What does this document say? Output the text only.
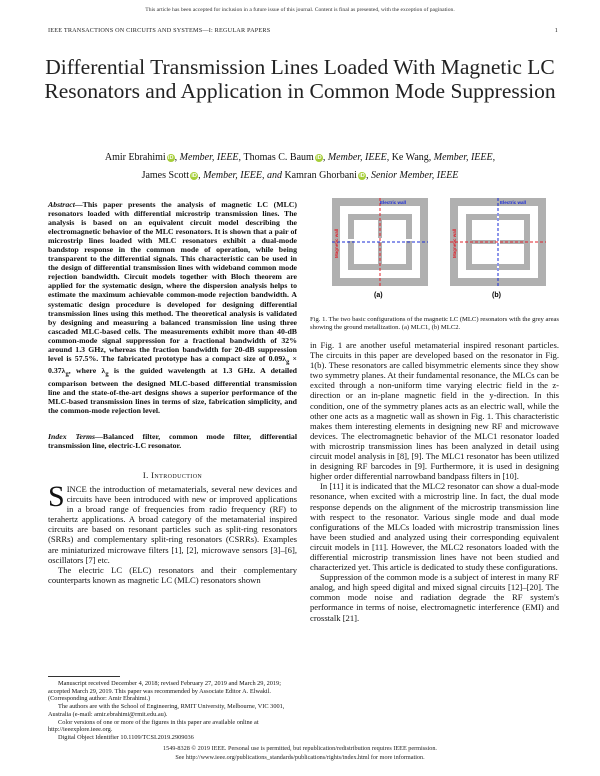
This article has been accepted for inclusion in a future issue of this journal. Content is final as presented, with the exception of pagination.
IEEE TRANSACTIONS ON CIRCUITS AND SYSTEMS—I: REGULAR PAPERS	1
Differential Transmission Lines Loaded With Magnetic LC Resonators and Application in Common Mode Suppression
Amir Ebrahimi iD, Member, IEEE, Thomas C. Baum iD, Member, IEEE, Ke Wang, Member, IEEE,
James Scott iD, Member, IEEE, and Kamran Ghorbani iD, Senior Member, IEEE
Abstract—This paper presents the analysis of magnetic LC (MLC) resonators loaded with differential microstrip transmission lines. The analysis is based on an equivalent circuit model describing the electromagnetic behavior of the MLC resonators. It is shown that a pair of microstrip lines loaded with MLC resonators exhibit a dual-mode bandstop response in the common mode of operation, while being transparent to the differential signals. This characteristic can be used in the design of differential transmission lines with wideband common mode rejection bandwidth. Circuit models together with Bloch theorem are applied for the systematic design, where the dispersion analysis helps to estimate the maximum achievable common-mode rejection bandwidth. A systematic design procedure is developed for designing differential transmission lines using this method. The theoretical analysis is validated by designing and measuring a balanced transmission line using three cascaded MLC-based cells. The measurements exhibit more than 40-dB common-mode signal suppression for a fractional bandwidth of 32% around 1.3 GHz, whereas the fraction bandwidth for 20-dB suppression level is 57.5%. The fabricated prototype has a compact size of $0.09\lambda_g \times 0.37\lambda_g$, where $\lambda_g$ is the guided wavelength at 1.3 GHz. A detailed comparison between the designed MLC-based differential transmission line and the state-of-the-art designs shows a superior performance of the MLC-based transmission lines in terms of size, fabrication simplicity, and the common-mode rejection level.
Index Terms—Balanced filter, common mode filter, differential transmission line, electric-LC resonator.
I. Introduction

SINCE the introduction of metamaterials, several new devices and circuits have been introduced with new or improved applications in a broad range of frequencies from radio frequency (RF) to terahertz applications. A broad category of the metamaterial inspired circuits are based on resonant particles such as split-ring resonators (SRRs) and complementary split-ring resonators (CSRRs). Examples are miniaturized microwave filters [1], [2], microwave sensors [3]–[6], oscillators [7] etc.

The electric LC (ELC) resonators and their complementary counterparts known as magnetic LC (MLC) resonators shown

Manuscript received December 4, 2018; revised February 27, 2019 and March 29, 2019; accepted March 29, 2019. This paper was recommended by Associate Editor A. Elwakil. (Corresponding author: Amir Ebrahimi.)

The authors are with the School of Engineering, RMIT University, Melbourne, VIC 3001, Australia (e-mail: amir.ebrahimi@rmit.edu.au).

Color versions of one or more of the figures in this paper are available online at http://ieeexplore.ieee.org.

Digital Object Identifier 10.1109/TCSI.2019.2909036

Electric wall
Magnetic wall
(a)
Electric wall
Magnetic wall
(b)
Fig. 1. The two basic configurations of the magnetic LC (MLC) resonators with the grey areas showing the ground metallization. (a) MLC1, (b) MLC2.

in Fig. 1 are another useful metamaterial inspired resonant particles. The circuits in this paper are developed based on the resonator in Fig. 1(b). These resonators are called bisymmetric elements since they show two symmetry planes. At their fundamental resonance, the MLCs can be excited through a non-uniform time varying electric field in the z-direction or an in-plane magnetic field in the y-direction. In this condition, one of the symmetry planes acts as an electric wall, while the other one acts as a magnetic wall as shown in Fig. 1. This characteristic makes them interesting elements in designing new RF and microwave devices. The electromagnetic behavior of the MLC1 resonator loaded with microstrip transmission lines has been analyzed in detail using circuit model analysis in [8], [9]. The MLC1 resonator has been utilized in designing RF barcodes in [9]. Furthermore, it is used in designing higher order differential narrowband bandpass filters in [10].

In [11] it is indicated that the MLC2 resonator can show a dual-mode resonance, when excited with a microstrip line. In fact, the dual mode response depends on the alignment of the microstrip transmission line with respect to the resonator. Various single mode and dual mode configurations of the MLCs loaded with microstrip transmission lines have been studied and analyzed using their corresponding equivalent circuit models in [11]. However, the MLC2 resonators loaded with the differential microstrip transmission lines have not been studied and characterized yet. This article is dedicated to study these configurations.

Suppression of the common mode is a subject of interest in many RF analog, and high speed digital and mixed signal circuits [12]–[20]. The common mode noise and radiation degrade the RF system's performance in terms of noise, electromagnetic interference (EMI) and crosstalk [21].

1549-8328 © 2019 IEEE. Personal use is permitted, but republication/redistribution requires IEEE permission.
See http://www.ieee.org/publications_standards/publications/rights/index.html for more information.
